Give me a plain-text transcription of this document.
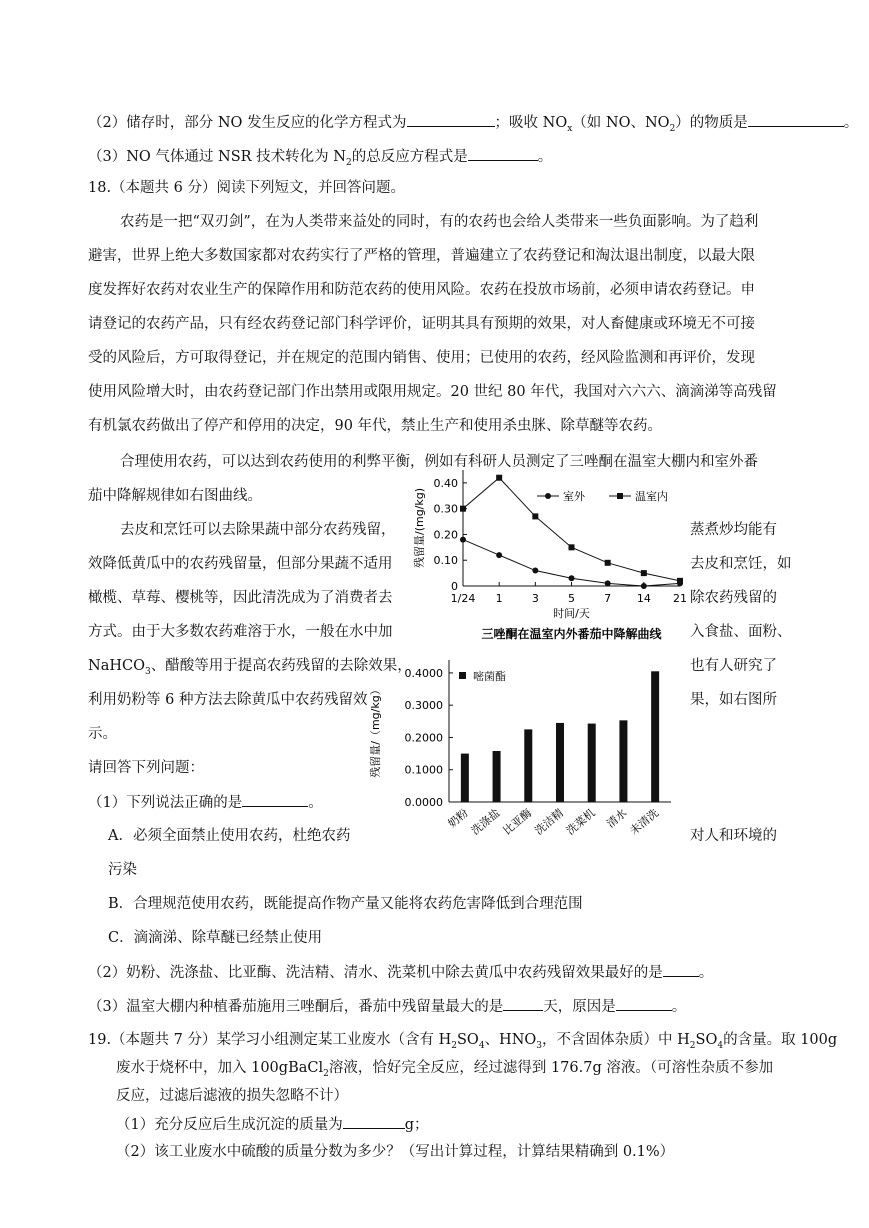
（2）储存时，部分 NO 发生反应的化学方程式为	；吸收 $NO_x$（如 NO、$NO_2$）的物质是	。
（3）NO 气体通过 NSR 技术转化为 $N_2$的总反应方程式是	。
18.（本题共 6 分）阅读下列短文，并回答问题。
农药是一把“双刃剑”，在为人类带来益处的同时，有的农药也会给人类带来一些负面影响。为了趋利
避害，世界上绝大多数国家都对农药实行了严格的管理，普遍建立了农药登记和淘汰退出制度，以最大限
度发挥好农药对农业生产的保障作用和防范农药的使用风险。农药在投放市场前，必须申请农药登记。申
请登记的农药产品，只有经农药登记部门科学评价，证明其具有预期的效果，对人畜健康或环境无不可接
受的风险后，方可取得登记，并在规定的范围内销售、使用；已使用的农药，经风险监测和再评价，发现
使用风险增大时，由农药登记部门作出禁用或限用规定。20 世纪 80 年代，我国对六六六、滴滴涕等高残留
有机氯农药做出了停产和停用的决定，90 年代，禁止生产和使用杀虫脒、除草醚等农药。
合理使用农药，可以达到农药使用的利弊平衡，例如有科研人员测定了三唑酮在温室大棚内和室外番
茄中降解规律如右图曲线。
去皮和烹饪可以去除果蔬中部分农药残留，	蒸煮炒均能有
效降低黄瓜中的农药残留量，但部分果蔬不适用	去皮和烹饪，如
橄榄、草莓、樱桃等，因此清洗成为了消费者去	除农药残留的
方式。由于大多数农药难溶于水，一般在水中加	入食盐、面粉、
NaHCO$_3$、醋酸等用于提高农药残留的去除效果，	也有人研究了
利用奶粉等 6 种方法去除黄瓜中农药残留效	果，如右图所
示。
请回答下列问题：
（1）下列说法正确的是	。
A．必须全面禁止使用农药，杜绝农药	对人和环境的
污染
B．合理规范使用农药，既能提高作物产量又能将农药危害降低到合理范围
C．滴滴涕、除草醚已经禁止使用
（2）奶粉、洗涤盐、比亚酶、洗洁精、清水、洗菜机中除去黄瓜中农药残留效果最好的是 。
（3）温室大棚内种植番茄施用三唑酮后，番茄中残留量最大的是	天，原因是	。
19.（本题共 7 分）某学习小组测定某工业废水（含有 $H_2SO_4$、$HNO_3$，不含固体杂质）中 $H_2SO_4$的含量。取 100g
废水于烧杯中，加入 100gBaCl$_2$溶液，恰好完全反应，经过滤得到 176.7g 溶液。（可溶性杂质不参加
反应，过滤后滤液的损失忽略不计）
（1）充分反应后生成沉淀的质量为	g；
（2）该工业废水中硫酸的质量分数为多少？（写出计算过程，计算结果精确到 0.1%）
0
0.10
0.20
0.30
0.40
1/24 1	3	5	7 14 21
时间/天
残留量/(mg/kg)
三唑酮在温室内外番茄中降解曲线
室外	温室内
0.0000
0.1000
0.2000
0.3000
0.4000
残留量/（mg/kg）
奶粉
洗涤盐
比亚酶
洗洁精
洗菜机 清水
未清洗
嘧菌酯
